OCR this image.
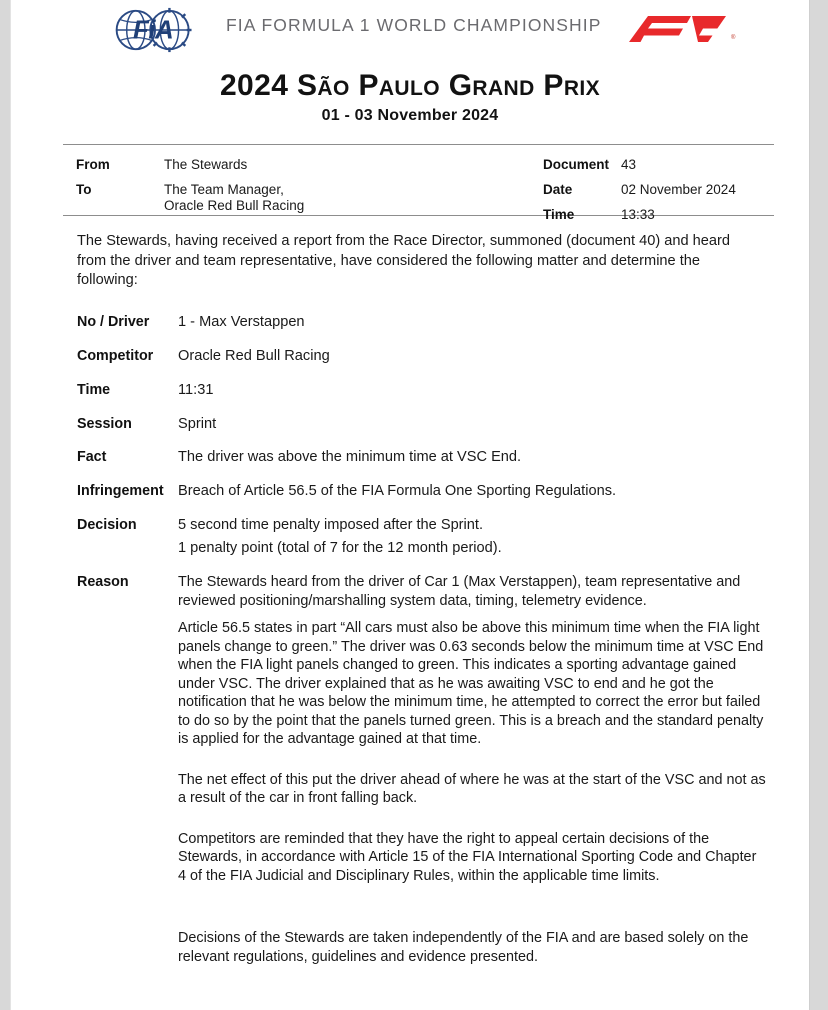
FiA	FIA FORMULA 1 WORLD CHAMPIONSHIP
®
2024 São Paulo Grand Prix
01 - 03 November 2024
From	The Stewards
To	The Team Manager,
Oracle Red Bull Racing
Document 43
Date	02 November 2024
Time	13:33
The Stewards, having received a report from the Race Director, summoned (document 40) and heard from the driver and team representative, have considered the following matter and determine the following:
No / Driver	1 - Max Verstappen
Competitor	Oracle Red Bull Racing
Time	11:31
Session	Sprint
Fact	The driver was above the minimum time at VSC End.
Infringement Breach of Article 56.5 of the FIA Formula One Sporting Regulations.
Decision	5 second time penalty imposed after the Sprint.
1 penalty point (total of 7 for the 12 month period).
Reason	The Stewards heard from the driver of Car 1 (Max Verstappen), team representative and reviewed positioning/marshalling system data, timing, telemetry evidence.

Article 56.5 states in part “All cars must also be above this minimum time when the FIA light panels change to green.” The driver was 0.63 seconds below the minimum time at VSC End when the FIA light panels changed to green. This indicates a sporting advantage gained under VSC. The driver explained that as he was awaiting VSC to end and he got the notification that he was below the minimum time, he attempted to correct the error but failed to do so by the point that the panels turned green. This is a breach and the standard penalty is applied for the advantage gained at that time.

The net effect of this put the driver ahead of where he was at the start of the VSC and not as a result of the car in front falling back.

Competitors are reminded that they have the right to appeal certain decisions of the Stewards, in accordance with Article 15 of the FIA International Sporting Code and Chapter 4 of the FIA Judicial and Disciplinary Rules, within the applicable time limits.

Decisions of the Stewards are taken independently of the FIA and are based solely on the relevant regulations, guidelines and evidence presented.
